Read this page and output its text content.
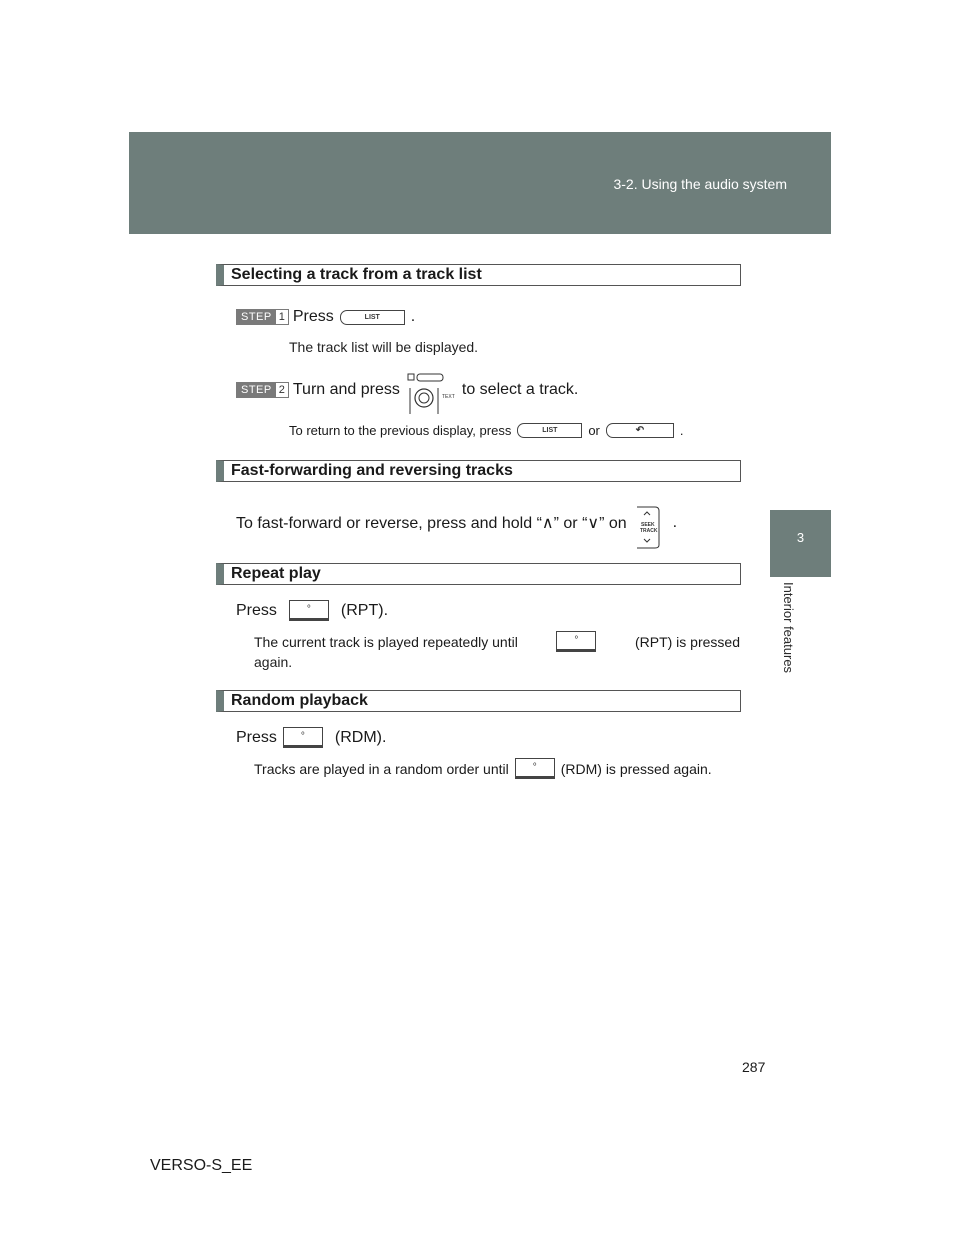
3-2. Using the audio system
3
Interior features
Selecting a track from a track list
STEP 1 Press	LIST	.
The track list will be displayed.
STEP 2 Turn and press	TEXT to select a track.
To return to the previous display, press	LIST	or	↶	.
Fast-forwarding and reversing tracks
To fast-forward or reverse, press and hold “∧” or “∨” on	SEEK
TRACK .
Repeat play
Press	°	(RPT).
The current track is played repeatedly until	°	(RPT) is pressed
again.
Random playback
Press	°	(RDM).
Tracks are played in a random order until	°	(RDM) is pressed again.
287
VERSO-S_EE
